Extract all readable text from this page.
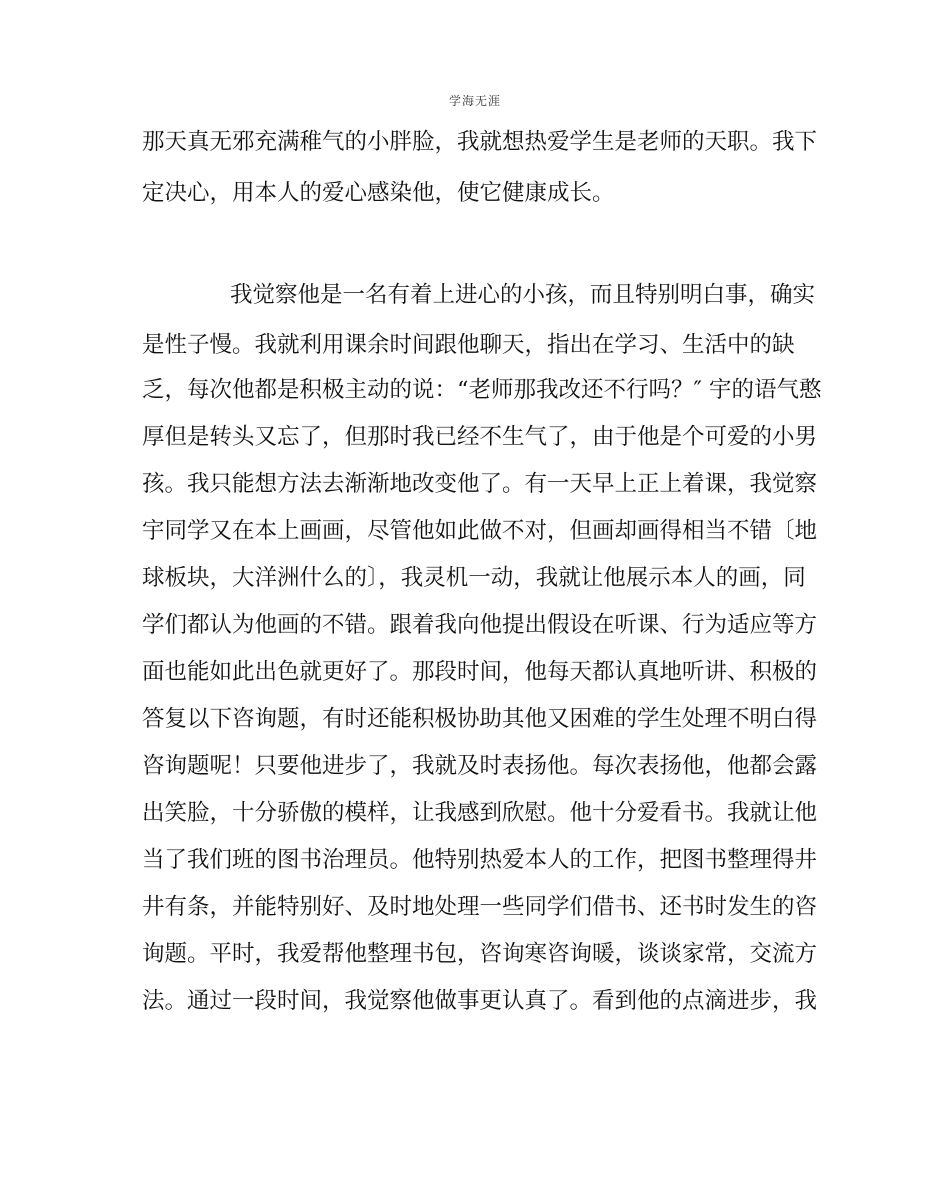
学海无涯
那天真无邪充满稚气的小胖脸，我就想热爱学生是老师的天职。我下
定决心，用本人的爱心感染他，使它健康成长。
我觉察他是一名有着上进心的小孩，而且特别明白事，确实
是性子慢。我就利用课余时间跟他聊天，指出在学习、生活中的缺
乏，每次他都是积极主动的说：“老师那我改还不行吗？″ 宇的语气憨
厚但是转头又忘了，但那时我已经不生气了，由于他是个可爱的小男
孩。我只能想方法去渐渐地改变他了。有一天早上正上着课，我觉察
宇同学又在本上画画，尽管他如此做不对，但画却画得相当不错〔地
球板块，大洋洲什么的〕，我灵机一动，我就让他展示本人的画，同
学们都认为他画的不错。跟着我向他提出假设在听课、行为适应等方
面也能如此出色就更好了。那段时间，他每天都认真地听讲、积极的
答复以下咨询题，有时还能积极协助其他又困难的学生处理不明白得
咨询题呢！只要他进步了，我就及时表扬他。每次表扬他，他都会露
出笑脸，十分骄傲的模样，让我感到欣慰。他十分爱看书。我就让他
当了我们班的图书治理员。他特别热爱本人的工作，把图书整理得井
井有条，并能特别好、及时地处理一些同学们借书、还书时发生的咨
询题。平时，我爱帮他整理书包，咨询寒咨询暖，谈谈家常，交流方
法。通过一段时间，我觉察他做事更认真了。看到他的点滴进步，我
